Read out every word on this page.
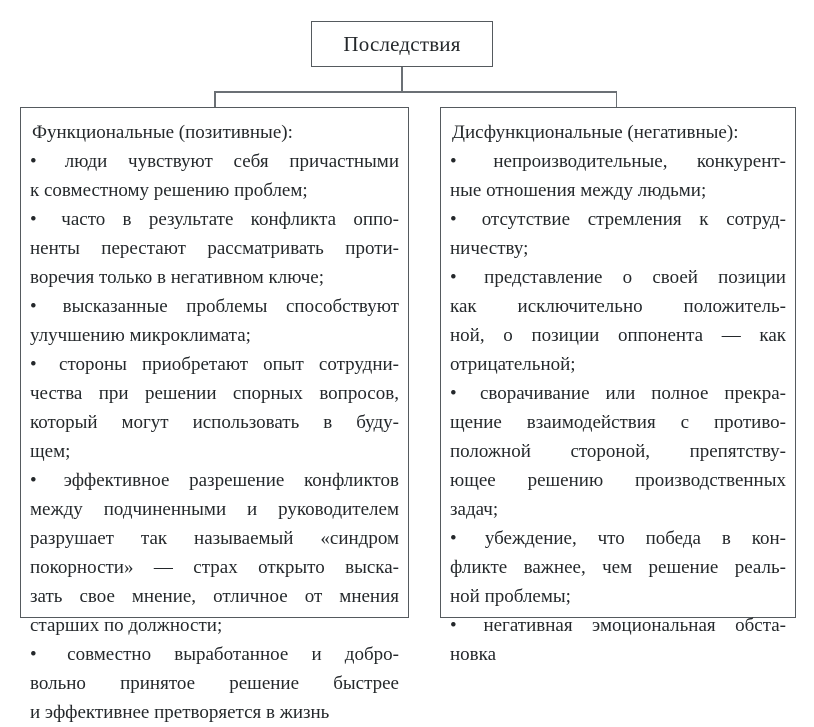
Последствия
Функциональные (позитивные):
•	люди чувствуют себя причастными
к совместному решению проблем;
•	часто в результате конфликта оппо-
ненты перестают рассматривать проти-
воречия только в негативном ключе;
•	высказанные проблемы способствуют
улучшению микроклимата;
•	стороны приобретают опыт сотрудни-
чества при решении спорных вопросов,
который могут использовать в буду-
щем;
•	эффективное разрешение конфликтов
между подчиненными и руководителем
разрушает так называемый «синдром
покорности» — страх открыто выска-
зать свое мнение, отличное от мнения
старших по должности;
•	совместно выработанное и добро-
вольно принятое решение быстрее
и эффективнее претворяется в жизнь
Дисфункциональные (негативные):
•	непроизводительные, конкурент-
ные отношения между людьми;
•	отсутствие стремления к сотруд-
ничеству;
•	представление о своей позиции
как исключительно положитель-
ной, о позиции оппонента — как
отрицательной;
•	сворачивание или полное прекра-
щение взаимодействия с противо-
положной стороной, препятству-
ющее решению производственных
задач;
•	убеждение, что победа в кон-
фликте важнее, чем решение реаль-
ной проблемы;
•	негативная эмоциональная обста-
новка
